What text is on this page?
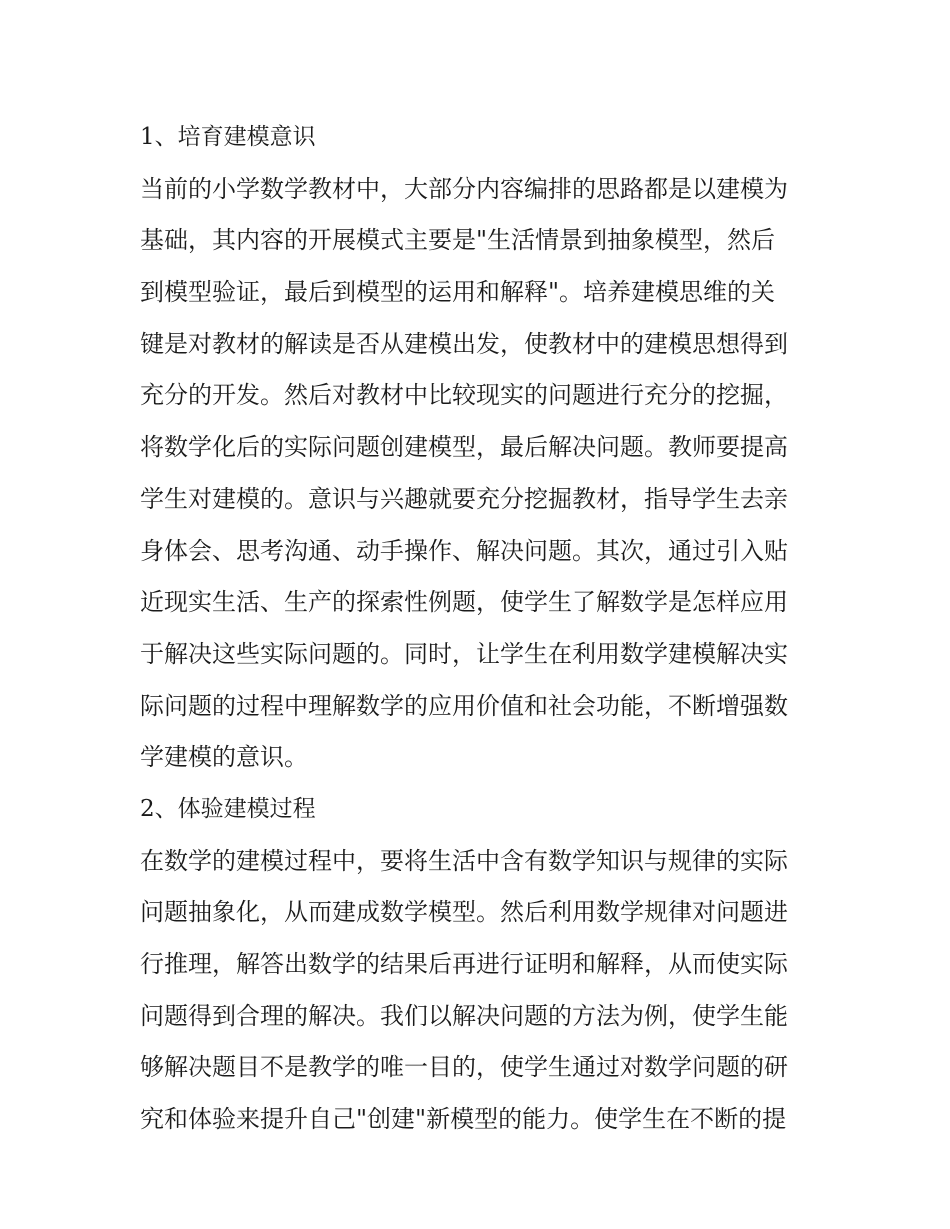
1、培育建模意识
当前的小学数学教材中，大部分内容编排的思路都是以建模为
基础，其内容的开展模式主要是"生活情景到抽象模型，然后
到模型验证，最后到模型的运用和解释"。培养建模思维的关
键是对教材的解读是否从建模出发，使教材中的建模思想得到
充分的开发。然后对教材中比较现实的问题进行充分的挖掘，
将数学化后的实际问题创建模型，最后解决问题。教师要提高
学生对建模的。意识与兴趣就要充分挖掘教材，指导学生去亲
身体会、思考沟通、动手操作、解决问题。其次，通过引入贴
近现实生活、生产的探索性例题，使学生了解数学是怎样应用
于解决这些实际问题的。同时，让学生在利用数学建模解决实
际问题的过程中理解数学的应用价值和社会功能，不断增强数
学建模的意识。
2、体验建模过程
在数学的建模过程中，要将生活中含有数学知识与规律的实际
问题抽象化，从而建成数学模型。然后利用数学规律对问题进
行推理，解答出数学的结果后再进行证明和解释，从而使实际
问题得到合理的解决。我们以解决问题的方法为例，使学生能
够解决题目不是教学的唯一目的，使学生通过对数学问题的研
究和体验来提升自己"创建"新模型的能力。使学生在不断的提
